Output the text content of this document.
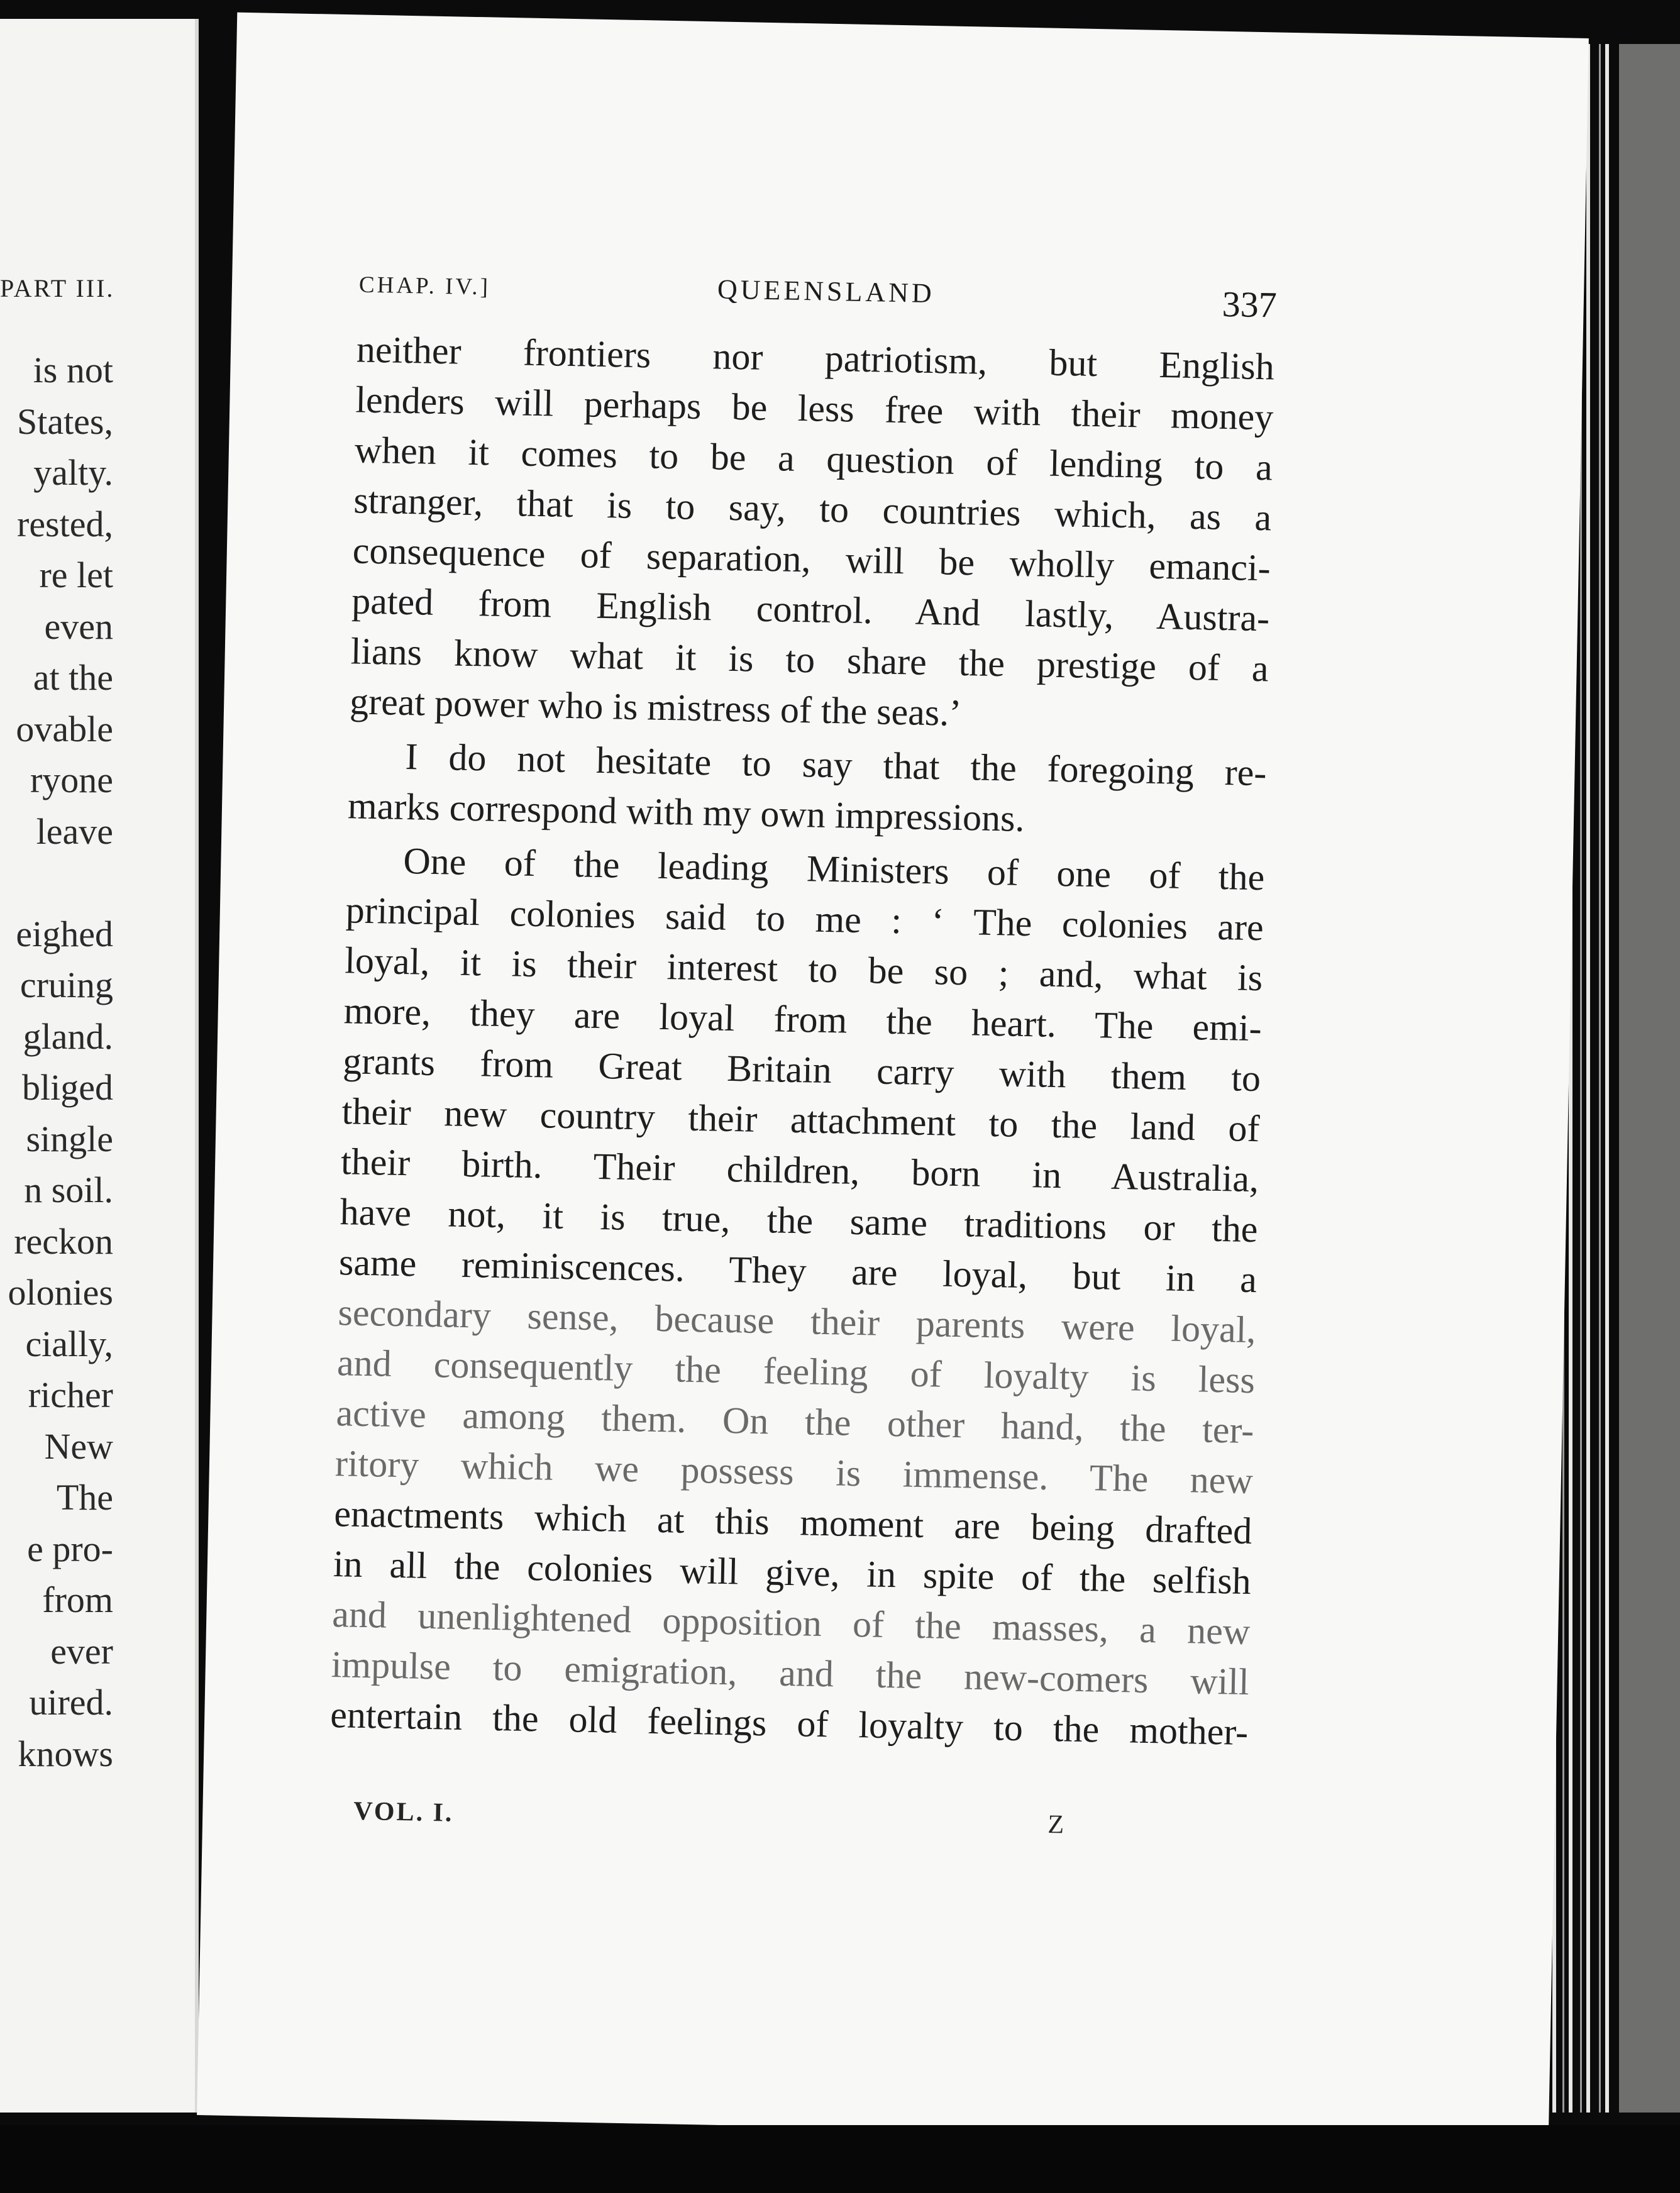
PART III.
is not
States,
yalty.
rested,
re let
even
at the
ovable
ryone
leave

eighed
cruing
gland.
bliged
single
n soil.
reckon
olonies
cially,
richer
New
The
e pro-
from
ever
uired.
knows
CHAP. IV.]	QUEENSLAND	337
neither frontiers nor patriotism, but English
lenders will perhaps be less free with their money
when it comes to be a question of lending to a
stranger, that is to say, to countries which, as a
consequence of separation, will be wholly emanci-
pated from English control. And lastly, Austra-
lians know what it is to share the prestige of a
great power who is mistress of the seas.’
I do not hesitate to say that the foregoing re-
marks correspond with my own impressions.
One of the leading Ministers of one of the
principal colonies said to me : ‘ The colonies are
loyal, it is their interest to be so ; and, what is
more, they are loyal from the heart. The emi-
grants from Great Britain carry with them to
their new country their attachment to the land of
their birth. Their children, born in Australia,
have not, it is true, the same traditions or the
same reminiscences. They are loyal, but in a
secondary sense, because their parents were loyal,
and consequently the feeling of loyalty is less
active among them. On the other hand, the ter-
ritory which we possess is immense. The new
enactments which at this moment are being drafted
in all the colonies will give, in spite of the selfish
and unenlightened opposition of the masses, a new
impulse to emigration, and the new-comers will
entertain the old feelings of loyalty to the mother-
VOL. I.	Z
